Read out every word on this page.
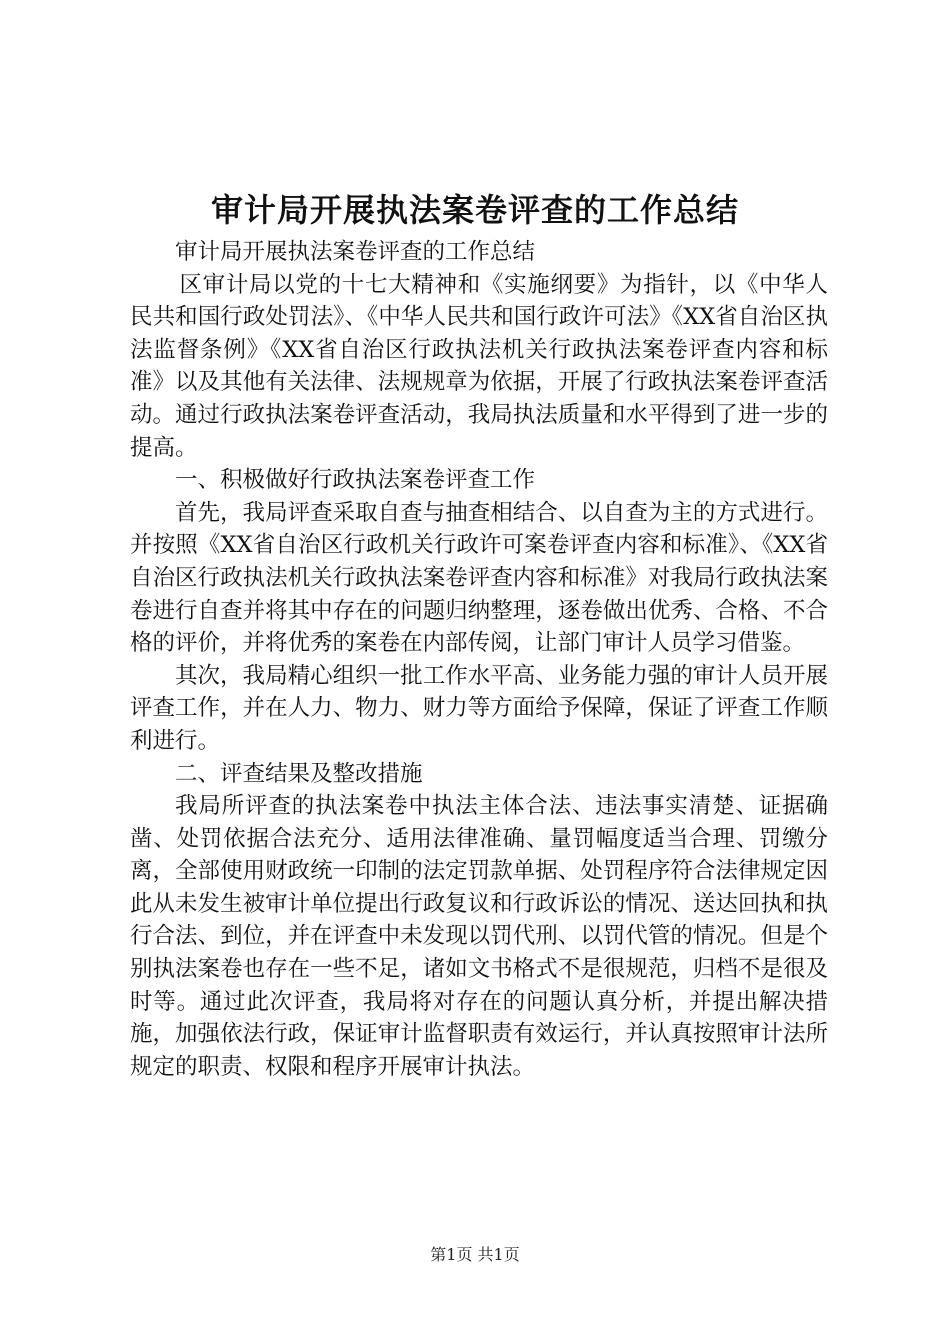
审计局开展执法案卷评查的工作总结

审计局开展执法案卷评查的工作总结

区审计局以党的十七大精神和《实施纲要》为指针，以《中华人民共和国行政处罚法》、《中华人民共和国行政许可法》《XX省自治区执法监督条例》《XX省自治区行政执法机关行政执法案卷评查内容和标准》以及其他有关法律、法规规章为依据，开展了行政执法案卷评查活动。通过行政执法案卷评查活动，我局执法质量和水平得到了进一步的提高。

一、积极做好行政执法案卷评查工作

首先，我局评查采取自查与抽查相结合、以自查为主的方式进行。并按照《XX省自治区行政机关行政许可案卷评查内容和标准》、《XX省自治区行政执法机关行政执法案卷评查内容和标准》对我局行政执法案卷进行自查并将其中存在的问题归纳整理，逐卷做出优秀、合格、不合格的评价，并将优秀的案卷在内部传阅，让部门审计人员学习借鉴。

其次，我局精心组织一批工作水平高、业务能力强的审计人员开展评查工作，并在人力、物力、财力等方面给予保障，保证了评查工作顺利进行。

二、评查结果及整改措施

我局所评查的执法案卷中执法主体合法、违法事实清楚、证据确凿、处罚依据合法充分、适用法律准确、量罚幅度适当合理、罚缴分离，全部使用财政统一印制的法定罚款单据、处罚程序符合法律规定因此从未发生被审计单位提出行政复议和行政诉讼的情况、送达回执和执行合法、到位，并在评查中未发现以罚代刑、以罚代管的情况。但是个别执法案卷也存在一些不足，诸如文书格式不是很规范，归档不是很及时等。通过此次评查，我局将对存在的问题认真分析，并提出解决措施，加强依法行政，保证审计监督职责有效运行，并认真按照审计法所规定的职责、权限和程序开展审计执法。

第1页 共1页
